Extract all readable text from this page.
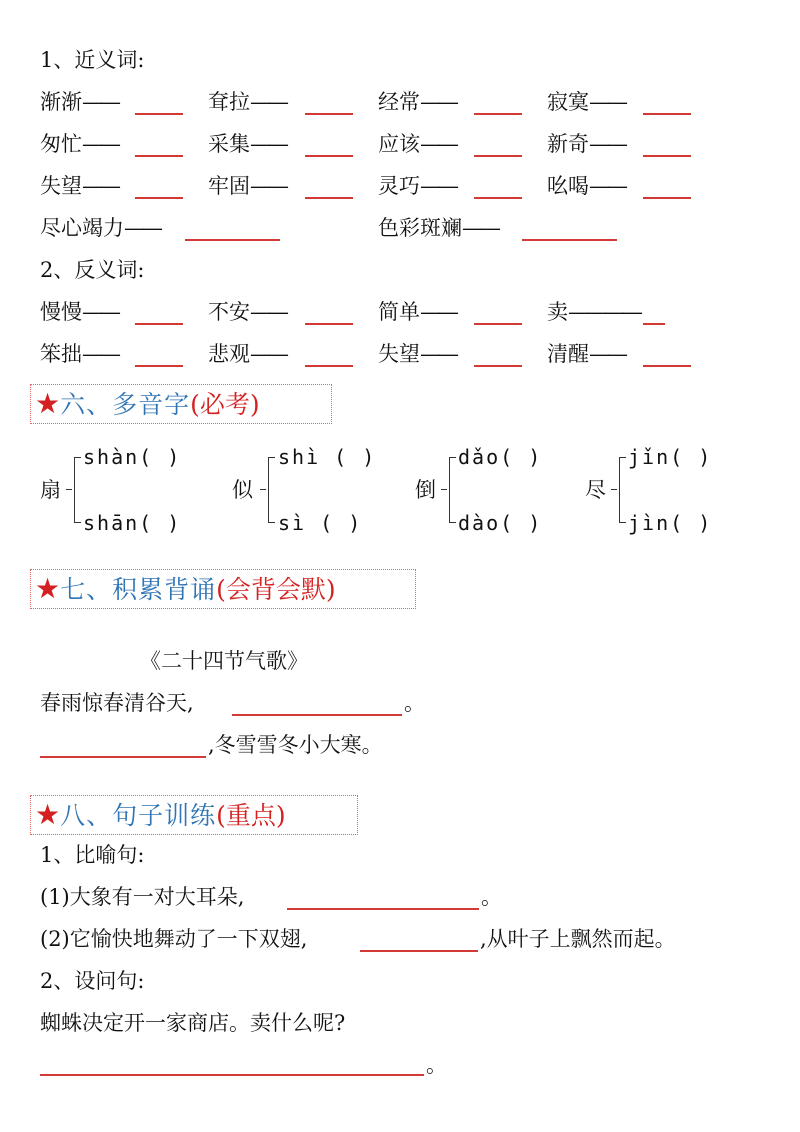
1、近义词:
渐渐——	耷拉——	经常——	寂寞——
匆忙——	采集——	应该——	新奇——
失望——	牢固——	灵巧——	吆喝——
尽心竭力——	色彩斑斓——
2、反义词:
慢慢——	不安——	简单——	卖————
笨拙——	悲观——	失望——	清醒——
★ 六、多音字 (必考)
扇
shàn( )
shān( )
似
shì ( )
sì ( )
倒
dǎo( )
dào( )
尽
jǐn( )
jìn( )
★ 七、积累背诵 (会背会默)
《二十四节气歌》
春雨惊春清谷天,	。
,冬雪雪冬小大寒。
★ 八、句子训练 (重点)
1、比喻句:
(1)大象有一对大耳朵,	。
(2)它愉快地舞动了一下双翅,	,从叶子上飘然而起。
2、设问句:
蜘蛛决定开一家商店。卖什么呢?
。
